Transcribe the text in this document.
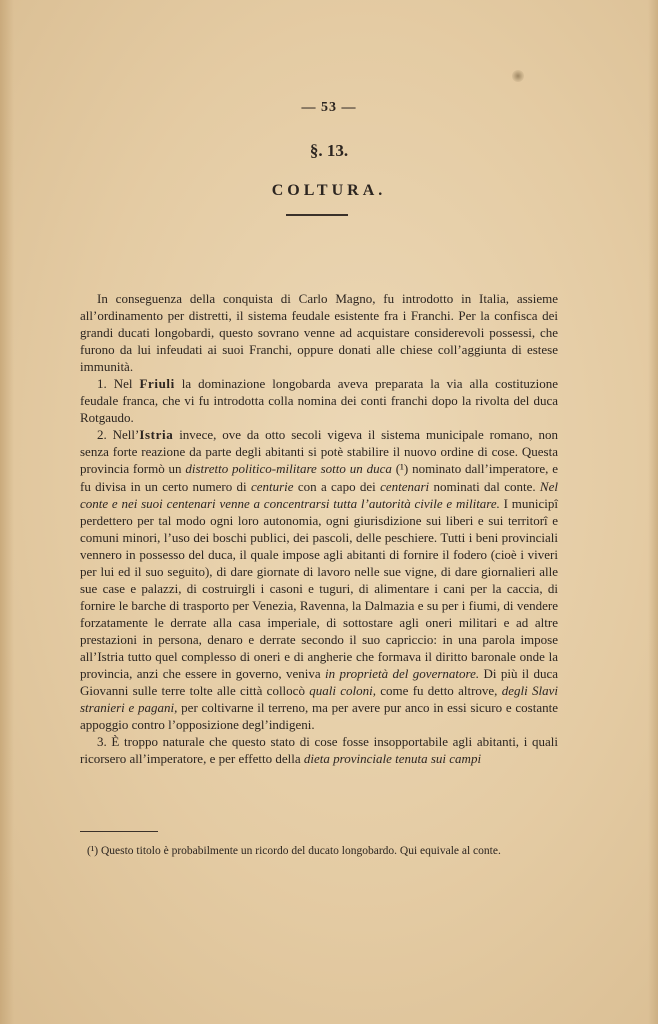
— 53 —
§. 13.
COLTURA.

In conseguenza della conquista di Carlo Magno, fu introdotto in Italia, assieme all’ordinamento per distretti, il sistema feudale esistente fra i Franchi. Per la confisca dei grandi ducati longobardi, questo sovrano venne ad acquistare considerevoli possessi, che furono da lui infeudati ai suoi Franchi, oppure donati alle chiese coll’aggiunta di estese immunità.

1. Nel Friuli la dominazione longobarda aveva preparata la via alla costituzione feudale franca, che vi fu introdotta colla nomina dei conti franchi dopo la rivolta del duca Rotgaudo.

2. Nell’Istria invece, ove da otto secoli vigeva il sistema municipale romano, non senza forte reazione da parte degli abitanti si potè stabilire il nuovo ordine di cose. Questa provincia formò un distretto politico-militare sotto un duca (¹) nominato dall’imperatore, e fu divisa in un certo numero di centurie con a capo dei centenari nominati dal conte. Nel conte e nei suoi centenari venne a concentrarsi tutta l’autorità civile e militare. I municipî perdettero per tal modo ogni loro autonomia, ogni giurisdizione sui liberi e sui territorî e comuni minori, l’uso dei boschi publici, dei pascoli, delle peschiere. Tutti i beni provinciali vennero in possesso del duca, il quale impose agli abitanti di fornire il fodero (cioè i viveri per lui ed il suo seguito), di dare giornate di lavoro nelle sue vigne, di dare giornalieri alle sue case e palazzi, di costruirgli i casoni e tuguri, di alimentare i cani per la caccia, di fornire le barche di trasporto per Venezia, Ravenna, la Dalmazia e su per i fiumi, di vendere forzatamente le derrate alla casa imperiale, di sottostare agli oneri militari e ad altre prestazioni in persona, denaro e derrate secondo il suo capriccio: in una parola impose all’Istria tutto quel complesso di oneri e di angherie che formava il diritto baronale onde la provincia, anzi che essere in governo, veniva in proprietà del governatore. Di più il duca Giovanni sulle terre tolte alle città collocò quali coloni, come fu detto altrove, degli Slavi stranieri e pagani, per coltivarne il terreno, ma per avere pur anco in essi sicuro e costante appoggio contro l’opposizione degl’indigeni.

3. È troppo naturale che questo stato di cose fosse insopportabile agli abitanti, i quali ricorsero all’imperatore, e per effetto della dieta provinciale tenuta sui campi

(¹) Questo titolo è probabilmente un ricordo del ducato longobardo. Qui equivale al conte.
